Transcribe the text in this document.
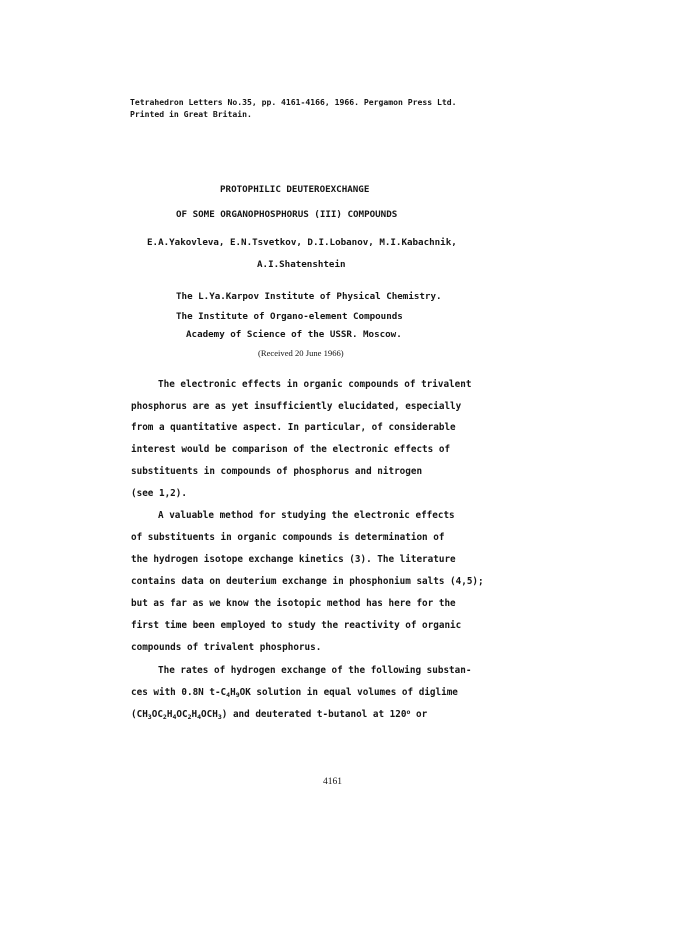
Tetrahedron Letters No.35, pp. 4161-4166, 1966. Pergamon Press Ltd.
Printed in Great Britain.
PROTOPHILIC DEUTEROEXCHANGE
OF SOME ORGANOPHOSPHORUS (III) COMPOUNDS
E.A.Yakovleva, E.N.Tsvetkov, D.I.Lobanov, M.I.Kabachnik,
A.I.Shatenshtein
The L.Ya.Karpov Institute of Physical Chemistry.
The Institute of Organo-element Compounds
Academy of Science of the USSR. Moscow.
(Received 20 June 1966)
The electronic effects in organic compounds of trivalent
phosphorus are as yet insufficiently elucidated, especially
from a quantitative aspect. In particular, of considerable
interest would be comparison of the electronic effects of
substituents in compounds of phosphorus and nitrogen
(see 1,2).
A valuable method for studying the electronic effects
of substituents in organic compounds is determination of
the hydrogen isotope exchange kinetics (3). The literature
contains data on deuterium exchange in phosphonium salts (4,5);
but as far as we know the isotopic method has here for the
first time been employed to study the reactivity of organic
compounds of trivalent phosphorus.
The rates of hydrogen exchange of the following substan-
ces with 0.8N $t-C_4H_9OK$ solution in equal volumes of diglime
$(CH_3OC_2H_4OC_2H_4OCH_3)$ and deuterated t-butanol at 120$^o$ or
4161
